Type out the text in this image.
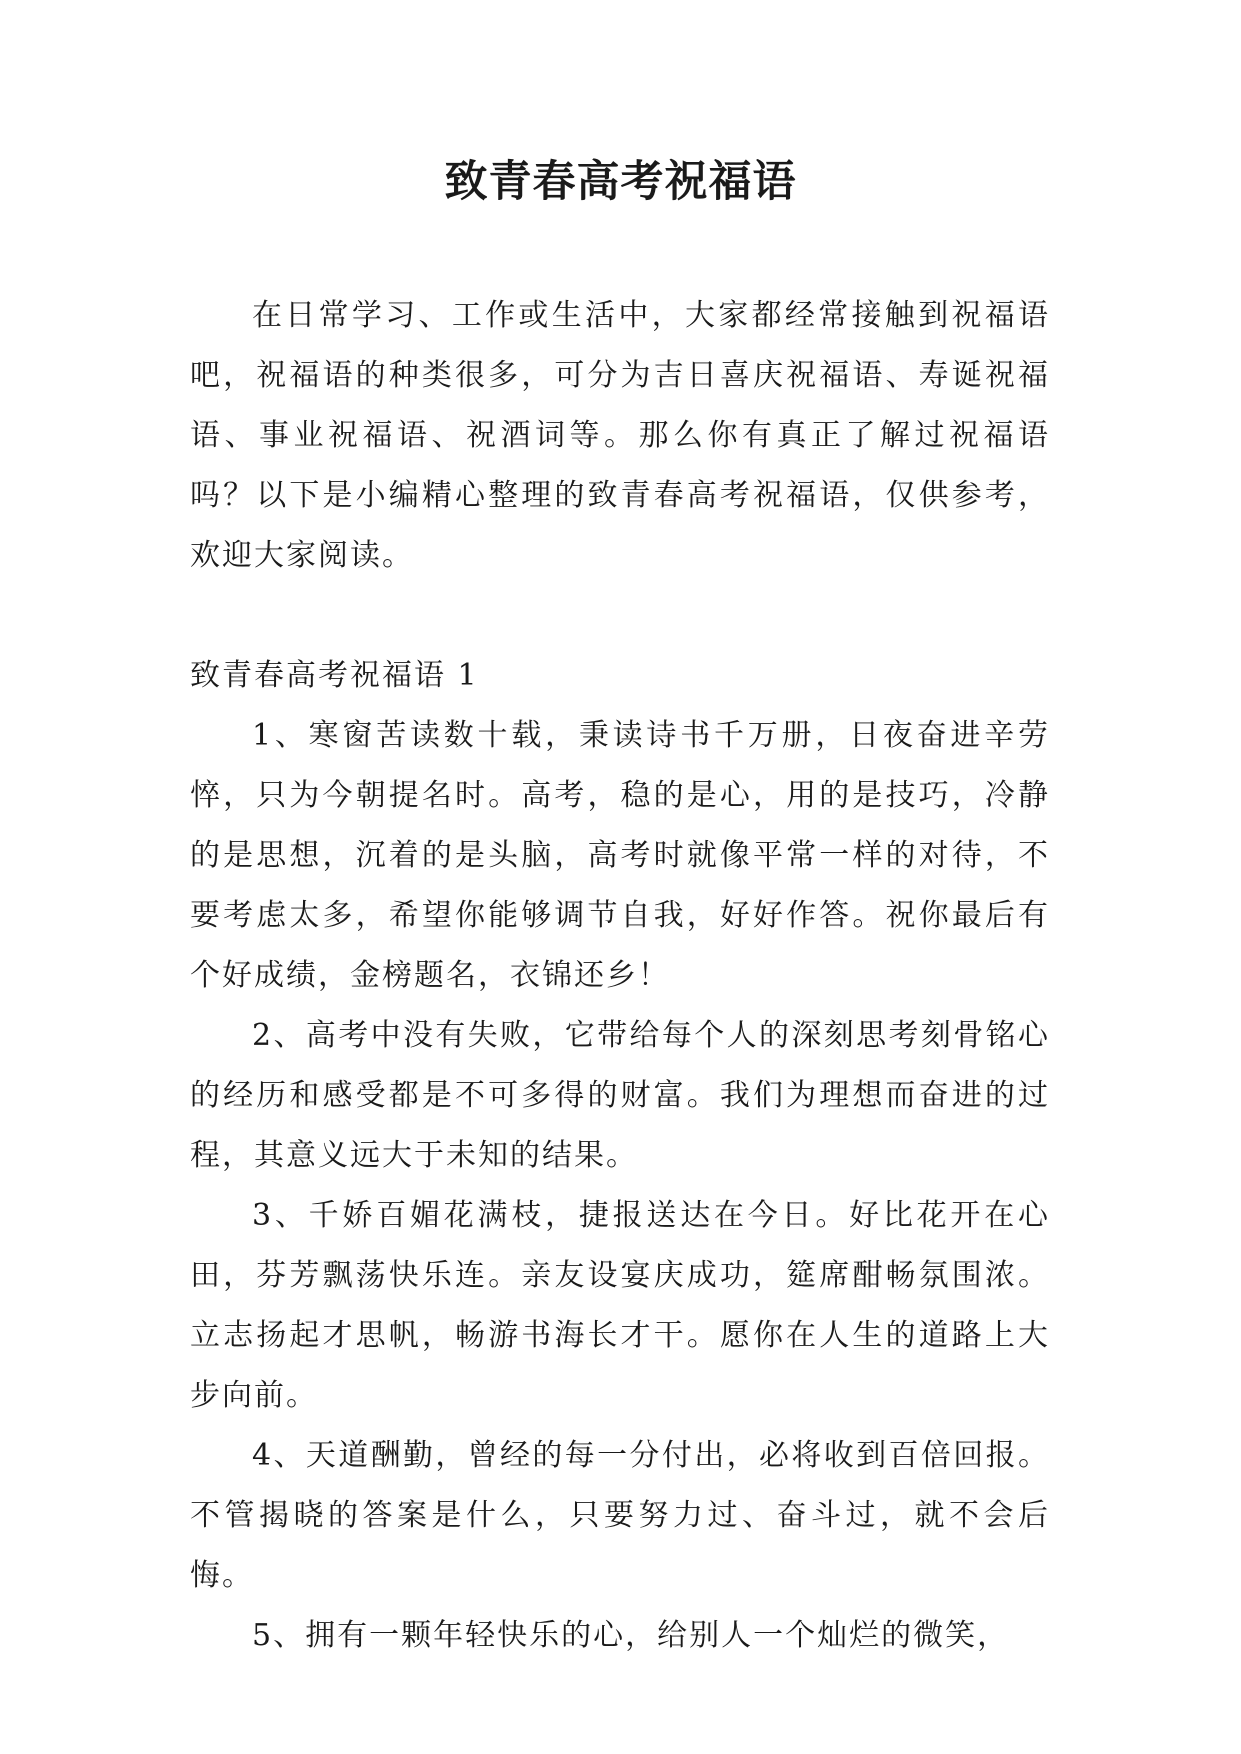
致青春高考祝福语

在日常学习、工作或生活中，大家都经常接触到祝福语吧，祝福语的种类很多，可分为吉日喜庆祝福语、寿诞祝福语、事业祝福语、祝酒词等。那么你有真正了解过祝福语吗？以下是小编精心整理的致青春高考祝福语，仅供参考，欢迎大家阅读。

致青春高考祝福语 1

1、寒窗苦读数十载，秉读诗书千万册，日夜奋进辛劳悴，只为今朝提名时。高考，稳的是心，用的是技巧，冷静的是思想，沉着的是头脑，高考时就像平常一样的对待，不要考虑太多，希望你能够调节自我，好好作答。祝你最后有个好成绩，金榜题名，衣锦还乡！

2、高考中没有失败，它带给每个人的深刻思考刻骨铭心的经历和感受都是不可多得的财富。我们为理想而奋进的过程，其意义远大于未知的结果。

3、千娇百媚花满枝，捷报送达在今日。好比花开在心田，芬芳飘荡快乐连。亲友设宴庆成功，筵席酣畅氛围浓。立志扬起才思帆，畅游书海长才干。愿你在人生的道路上大步向前。

4、天道酬勤，曾经的每一分付出，必将收到百倍回报。不管揭晓的答案是什么，只要努力过、奋斗过，就不会后悔。

5、拥有一颗年轻快乐的心，给别人一个灿烂的微笑，
